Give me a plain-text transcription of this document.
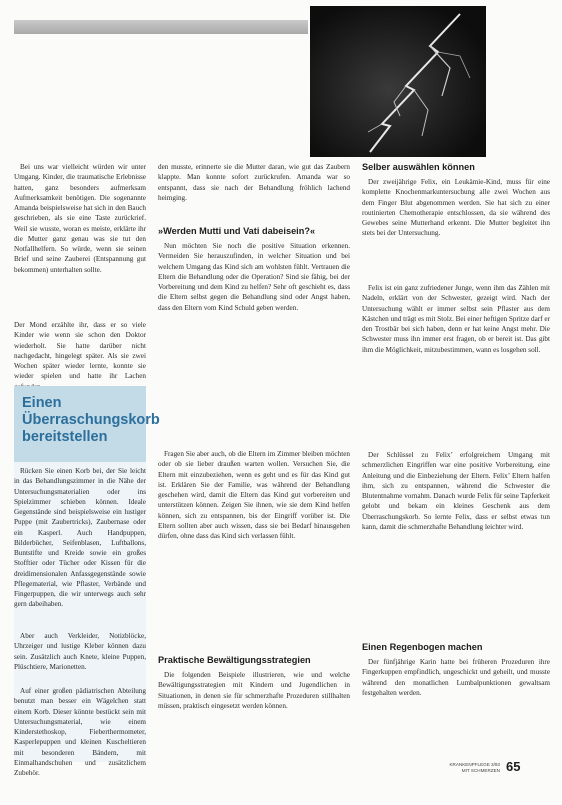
Bei uns war vielleicht würden wir unter Umgang. Kinder, die traumatische Erlebnisse hatten, ganz besonders aufmerksam Aufmerksamkeit benötigen. Die sogenannte Amanda beispielsweise hat sich in den Bauch geschrieben, als sie eine Taste zurückrief. Weil sie wusste, woran es meiste, erklärte ihr die Mutter ganz genau was sie tut den Notfallhelfern. So würde, wenn sie seinen Brief und seine Zauberei (Entspannung gut bekommen) unterhalten sollte.

Der Mond erzählte ihr, dass er so viele Kinder wie wenn sie schon den Doktor wiederholt. Sie hatte darüber nicht nachgedacht, hingelegt später. Als sie zwei Wochen später wieder lernte, konnte sie wieder spielen und hatte ihr Lachen

Einen Überraschungskorb bereitstellen

Rücken Sie einen Korb bei, der Sie leicht in das Behandlungszimmer in die Nähe der Untersuchungsmaterialien oder ins Spielzimmer schieben können. Ideale Gegenstände sind beispielsweise ein lustiger Puppe (mit Zaubertricks), Zaubernase oder ein Kasperl. Auch Handpuppen, Bilderbücher, Seifenblasen, Luftballons, Buntstifte und Kreide sowie ein großes Stofftier oder Tücher oder Kissen für die dreidimensionalen Anfassgegenstände sowie Pflegematerial, wie Pflaster, Verbände und Fingerpuppen, die wir unterwegs auch sehr gern dabeihaben.

Aber auch Verkleider, Notizblöcke, Uhrzeiger und lustige Kleber können dazu sein. Zusätzlich auch Knete, kleine Puppen, Plüschtiere, Marionetten.

Auf einer großen pädiatrischen Abteilung benutzt man besser ein Wägelchen statt einem Korb. Dieser könnte bestückt sein mit Untersuchungsmaterial, wie einem Kinderstethoskop, Fieberthermometer, Kasperlepuppen und kleinen Kuscheltieren mit besonderen Bändern, mit Einmalhandschuhen und zusätzlichem Zubehör.

den musste, erinnerte sie die Mutter daran, wie gut das Zaubern klappte. Man konnte sofort zurückrufen. Amanda war so entspannt, dass sie nach der Behandlung fröhlich lachend heimging.

»Werden Mutti und Vati dabeisein?«

Nun möchten Sie noch die positive Situation erkennen. Vermeiden Sie herauszufinden, in welcher Situation und bei welchem Umgang das Kind sich am wohlsten fühlt. Vertrauen die Eltern die Behandlung oder die Operation? Sind sie fähig, bei der Vorbereitung und dem Kind zu helfen? Sehr oft geschieht es, dass die Eltern selbst gegen die Behandlung sind oder Angst haben, dass den Eltern vom Kind Schuld geben werden.

Fragen Sie aber auch, ob die Eltern im Zimmer bleiben möchten oder ob sie lieber draußen warten wollen. Versuchen Sie, die Eltern mit einzubeziehen, wenn es geht und es für das Kind gut ist. Erklären Sie der Familie, was während der Behandlung geschehen wird, damit die Eltern das Kind gut vorbereiten und unterstützen können. Zeigen Sie ihnen, wie sie dem Kind helfen können, sich zu entspannen, bis der Eingriff vorüber ist. Die Eltern sollten aber auch wissen, dass sie bei Bedarf hinausgehen dürfen, ohne dass das Kind sich verlassen fühlt.

Praktische Bewältigungsstrategien

Die folgenden Beispiele illustrieren, wie und welche Bewältigungsstrategien mit Kindern und Jugendlichen in Situationen, in denen sie für schmerzhafte Prozeduren stillhalten müssen, praktisch eingesetzt werden können.

Selber auswählen können

Der zweijährige Felix, ein Leukämie-Kind, muss für eine komplette Knochenmarkuntersuchung alle zwei Wochen aus dem Finger Blut abgenommen werden. Sie hat sich zu einer routinierten Chemotherapie entschlossen, da sie während des Gewebes seine Mutterhand erkennt. Die Mutter begleitet ihn stets bei der Untersuchung.

Felix ist ein ganz zufriedener Junge, wenn ihm das Zählen mit Nadeln, erklärt von der Schwester, gezeigt wird. Nach der Untersuchung wählt er immer selbst sein Pflaster aus dem Kästchen und trägt es mit Stolz. Bei einer heftigen Spritze darf er den Trostbär bei sich haben, denn er hat keine Angst mehr. Die Schwester muss ihn immer erst fragen, ob er bereit ist. Das gibt ihm die Möglichkeit, mitzubestimmen, wann es losgehen soll.

Der Schlüssel zu Felix’ erfolgreichem Umgang mit schmerzlichen Eingriffen war eine positive Vorbereitung, eine Anleitung und die Einbeziehung der Eltern. Felix’ Eltern halfen ihm, sich zu entspannen, während die Schwester die Blutentnahme vornahm. Danach wurde Felix für seine Tapferkeit gelobt und bekam ein kleines Geschenk aus dem Überraschungskorb. So lernte Felix, dass er selbst etwas tun kann, damit die schmerzhafte Behandlung leichter wird.

Einen Regenbogen machen

Der fünfjährige Karin hatte bei früheren Prozeduren ihre Fingerkuppen empfindlich, ungeschickt und geheilt, und musste während den monatlichen Lumbalpunktionen gewaltsam festgehalten werden.

KRANKENPFLEGE 3/93
MIT SCHMERZEN 65
